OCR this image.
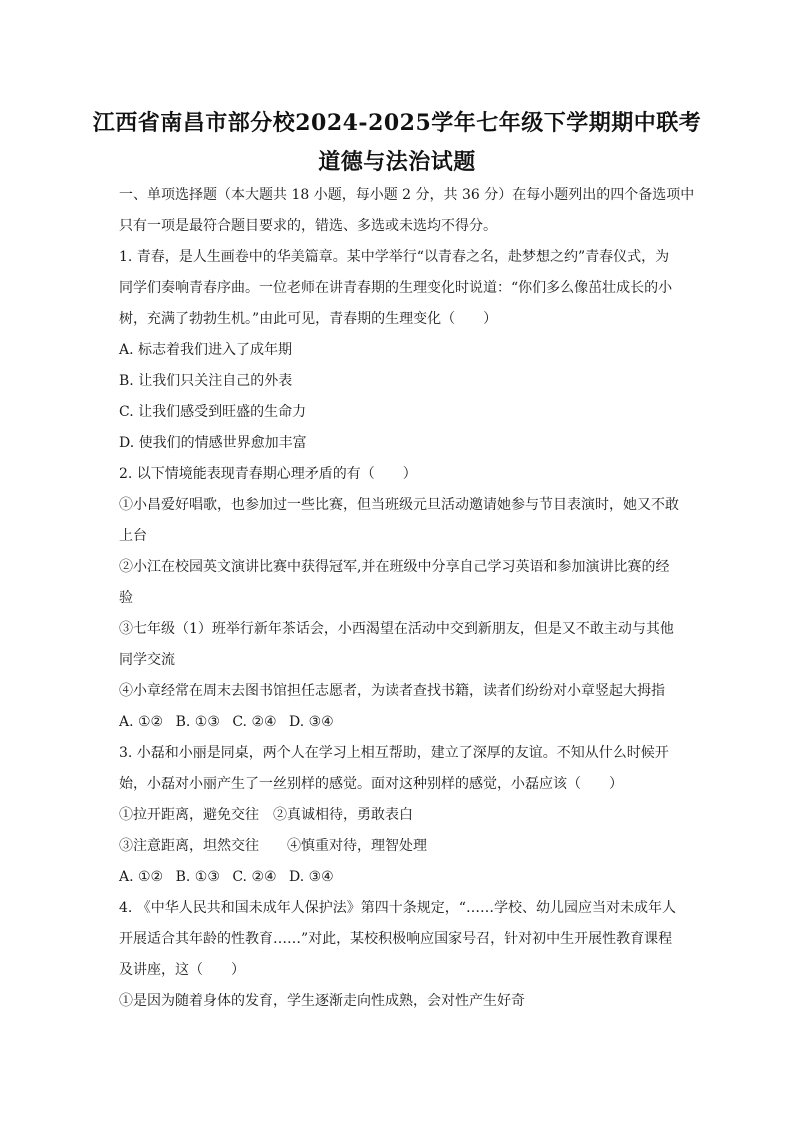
江西省南昌市部分校2024-2025学年七年级下学期期中联考
道德与法治试题
一、单项选择题（本大题共 18 小题，每小题 2 分，共 36 分）在每小题列出的四个备选项中
只有一项是最符合题目要求的，错选、多选或未选均不得分。
1. 青春，是人生画卷中的华美篇章。某中学举行“以青春之名，赴梦想之约”青春仪式，为
同学们奏响青春序曲。一位老师在讲青春期的生理变化时说道：“你们多么像茁壮成长的小
树，充满了勃勃生机。”由此可见，青春期的生理变化（　　）
A. 标志着我们进入了成年期
B. 让我们只关注自己的外表
C. 让我们感受到旺盛的生命力
D. 使我们的情感世界愈加丰富
2. 以下情境能表现青春期心理矛盾的有（　　）
①小昌爱好唱歌，也参加过一些比赛，但当班级元旦活动邀请她参与节目表演时，她又不敢
上台
②小江在校园英文演讲比赛中获得冠军,并在班级中分享自己学习英语和参加演讲比赛的经
验
③七年级（1）班举行新年茶话会，小西渴望在活动中交到新朋友，但是又不敢主动与其他
同学交流
④小章经常在周末去图书馆担任志愿者，为读者查找书籍，读者们纷纷对小章竖起大拇指
A. ①② B. ①③ C. ②④ D. ③④
3. 小磊和小丽是同桌，两个人在学习上相互帮助，建立了深厚的友谊。不知从什么时候开
始，小磊对小丽产生了一丝别样的感觉。面对这种别样的感觉，小磊应该（　　）
①拉开距离，避免交往 ②真诚相待，勇敢表白
③注意距离，坦然交往 ④慎重对待，理智处理
A. ①② B. ①③ C. ②④ D. ③④
4. 《中华人民共和国未成年人保护法》第四十条规定，“……学校、幼儿园应当对未成年人
开展适合其年龄的性教育……”对此，某校积极响应国家号召，针对初中生开展性教育课程
及讲座，这（　　）
①是因为随着身体的发育，学生逐渐走向性成熟，会对性产生好奇
